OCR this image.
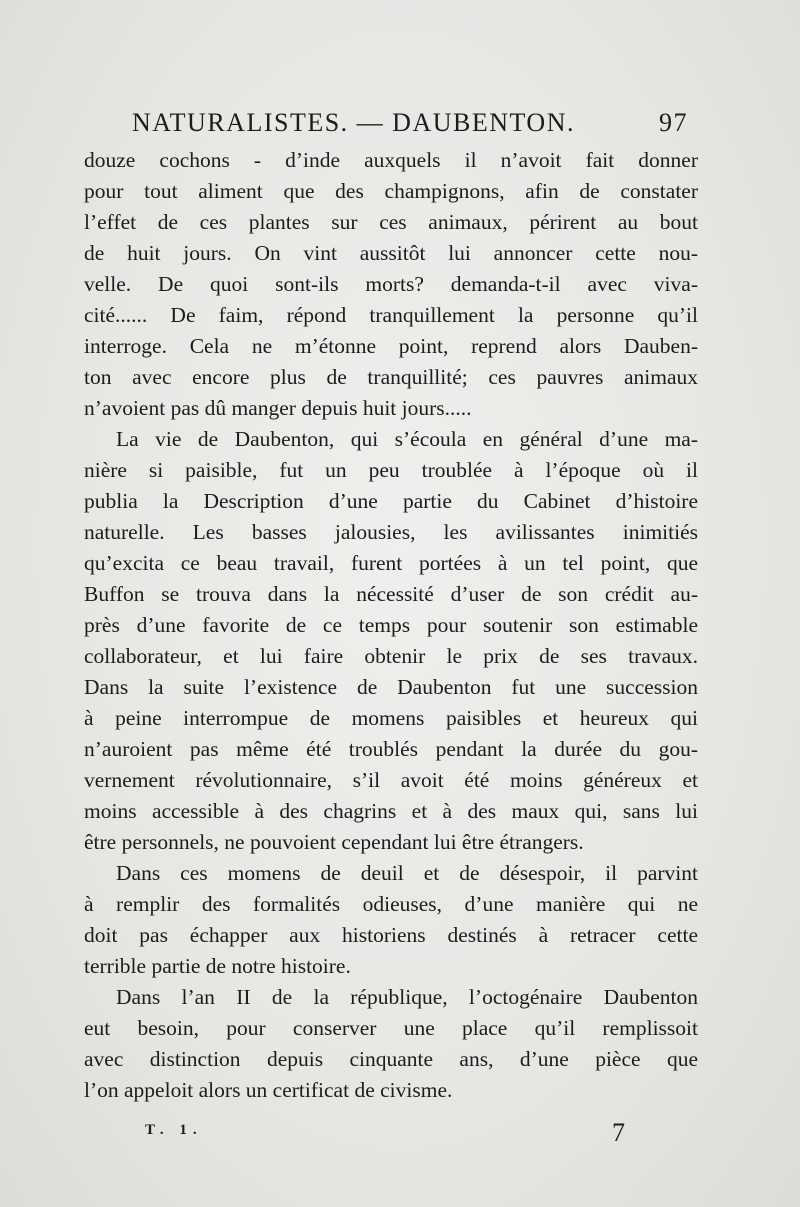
NATURALISTES. — DAUBENTON.	97
douze cochons - d’inde auxquels il n’avoit fait donner
pour tout aliment que des champignons, afin de constater
l’effet de ces plantes sur ces animaux, périrent au bout
de huit jours. On vint aussitôt lui annoncer cette nou-
velle. De quoi sont-ils morts? demanda-t-il avec viva-
cité...... De faim, répond tranquillement la personne qu’il
interroge. Cela ne m’étonne point, reprend alors Dauben-
ton avec encore plus de tranquillité; ces pauvres animaux
n’avoient pas dû manger depuis huit jours.....
La vie de Daubenton, qui s’écoula en général d’une ma-
nière si paisible, fut un peu troublée à l’époque où il
publia la Description d’une partie du Cabinet d’histoire
naturelle. Les basses jalousies, les avilissantes inimitiés
qu’excita ce beau travail, furent portées à un tel point, que
Buffon se trouva dans la nécessité d’user de son crédit au-
près d’une favorite de ce temps pour soutenir son estimable
collaborateur, et lui faire obtenir le prix de ses travaux.
Dans la suite l’existence de Daubenton fut une succession
à peine interrompue de momens paisibles et heureux qui
n’auroient pas même été troublés pendant la durée du gou-
vernement révolutionnaire, s’il avoit été moins généreux et
moins accessible à des chagrins et à des maux qui, sans lui
être personnels, ne pouvoient cependant lui être étrangers.
Dans ces momens de deuil et de désespoir, il parvint
à remplir des formalités odieuses, d’une manière qui ne
doit pas échapper aux historiens destinés à retracer cette
terrible partie de notre histoire.
Dans l’an II de la république, l’octogénaire Daubenton
eut besoin, pour conserver une place qu’il remplissoit
avec distinction depuis cinquante ans, d’une pièce que
l’on appeloit alors un certificat de civisme.
T. 1.	7
